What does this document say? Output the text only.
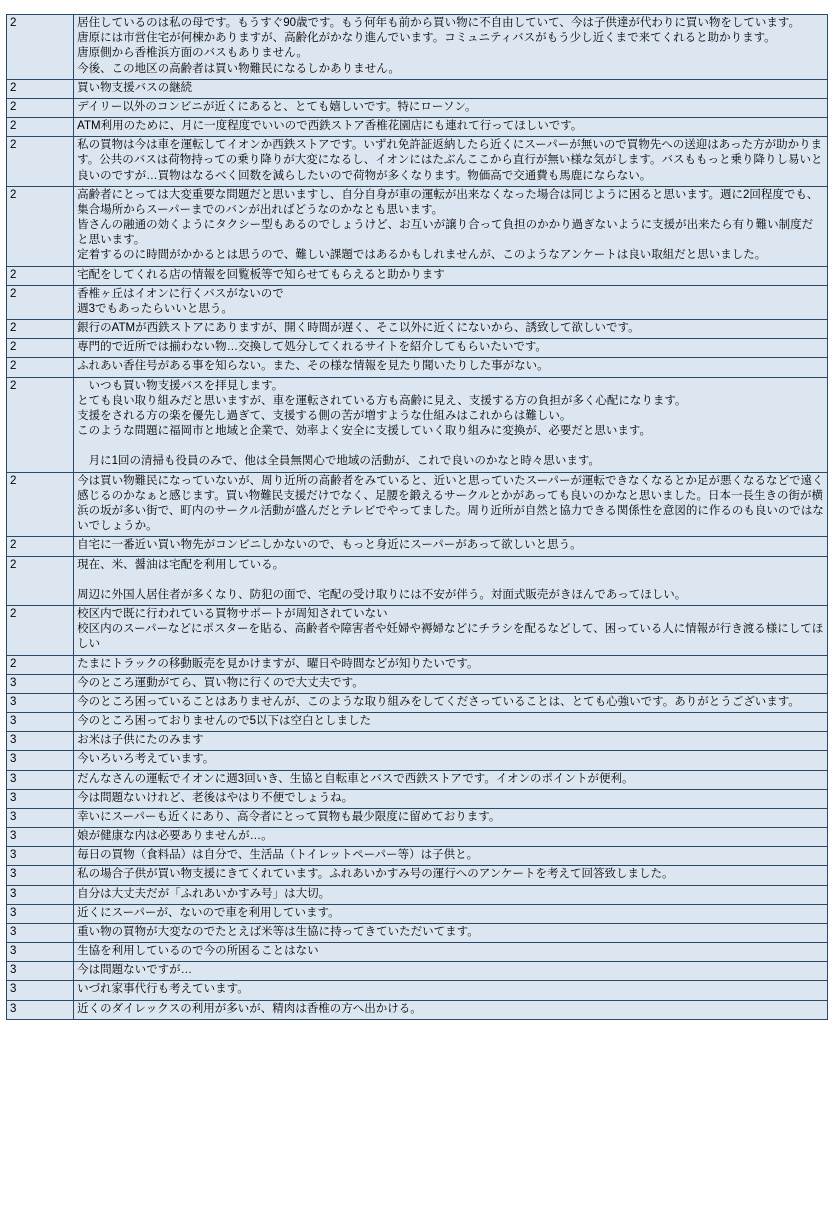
2	居住しているのは私の母です。もうすぐ90歳です。もう何年も前から買い物に不自由していて、今は子供達が代わりに買い物をしています。
唐原には市営住宅が何棟かありますが、高齢化がかなり進んでいます。コミュニティバスがもう少し近くまで来てくれると助かります。
唐原側から香椎浜方面のバスもありません。
今後、この地区の高齢者は買い物難民になるしかありません。

2	買い物支援バスの継続

2	デイリー以外のコンビニが近くにあると、とても嬉しいです。特にローソン。

2	ATM利用のために、月に一度程度でいいので西鉄ストア香椎花園店にも連れて行ってほしいです。

2	私の買物は今は車を運転してイオンか西鉄ストアです。いずれ免許証返納したら近くにスーパーが無いので買物先への送迎はあった方が助かります。公共のバスは荷物持っての乗り降りが大変になるし、イオンにはたぶんここから直行が無い様な気がします。バスももっと乗り降りし易いと良いのですが…買物はなるべく回数を減らしたいので荷物が多くなります。物価高で交通費も馬鹿にならない。

2	高齢者にとっては大変重要な問題だと思いますし、自分自身が車の運転が出来なくなった場合は同じように困ると思います。週に2回程度でも、集合場所からスーパーまでのバンが出ればどうなのかなとも思います。
皆さんの融通の効くようにタクシー型もあるのでしょうけど、お互いが譲り合って負担のかかり過ぎないように支援が出来たら有り難い制度だと思います。
定着するのに時間がかかるとは思うので、難しい課題ではあるかもしれませんが、このようなアンケートは良い取組だと思いました。

2	宅配をしてくれる店の情報を回覧板等で知らせてもらえると助かります

2	香椎ヶ丘はイオンに行くバスがないので
週3でもあったらいいと思う。

2	銀行のATMが西鉄ストアにありますが、開く時間が遅く、そこ以外に近くにないから、誘致して欲しいです。

2	専門的で近所では揃わない物…交換して処分してくれるサイトを紹介してもらいたいです。

2	ふれあい香住号がある事を知らない。また、その様な情報を見たり聞いたりした事がない。

2	　いつも買い物支援バスを拝見します。
とても良い取り組みだと思いますが、車を運転されている方も高齢に見え、支援する方の負担が多く心配になります。
支援をされる方の楽を優先し過ぎて、支援する側の苦が増すような仕組みはこれからは難しい。
このような問題に福岡市と地域と企業で、効率よく安全に支援していく取り組みに変換が、必要だと思います。
　月に1回の清掃も役員のみで、他は全員無関心で地域の活動が、これで良いのかなと時々思います。

2	今は買い物難民になっていないが、周り近所の高齢者をみていると、近いと思っていたスーパーが運転できなくなるとか足が悪くなるなどで遠く感じるのかなぁと感じます。買い物難民支援だけでなく、足腰を鍛えるサークルとかがあっても良いのかなと思いました。日本一長生きの街が横浜の坂が多い街で、町内のサークル活動が盛んだとテレビでやってました。周り近所が自然と協力できる関係性を意図的に作るのも良いのではないでしょうか。

2	自宅に一番近い買い物先がコンビニしかないので、もっと身近にスーパーがあって欲しいと思う。

2	現在、米、醤油は宅配を利用している。
周辺に外国人居住者が多くなり、防犯の面で、宅配の受け取りには不安が伴う。対面式販売がきほんであってほしい。

2	校区内で既に行われている買物サポートが周知されていない
校区内のスーパーなどにポスターを貼る、高齢者や障害者や妊婦や褥婦などにチラシを配るなどして、困っている人に情報が行き渡る様にしてほしい

2	たまにトラックの移動販売を見かけますが、曜日や時間などが知りたいです。

3	今のところ運動がてら、買い物に行くので大丈夫です。

3	今のところ困っていることはありませんが、このような取り組みをしてくださっていることは、とても心強いです。ありがとうございます。

3	今のところ困っておりませんので5以下は空白としました

3	お米は子供にたのみます

3	今いろいろ考えています。

3	だんなさんの運転でイオンに週3回いき、生協と自転車とバスで西鉄ストアです。イオンのポイントが便利。

3	今は問題ないけれど、老後はやはり不便でしょうね。

3	幸いにスーパーも近くにあり、高令者にとって買物も最少限度に留めております。

3	娘が健康な内は必要ありませんが…。

3	毎日の買物（食料品）は自分で、生活品（トイレットペーパー等）は子供と。

3	私の場合子供が買い物支援にきてくれています。ふれあいかすみ号の運行へのアンケートを考えて回答致しました。

3	自分は大丈夫だが「ふれあいかすみ号」は大切。

3	近くにスーパーが、ないので車を利用しています。

3	重い物の買物が大変なのでたとえば米等は生協に持ってきていただいてます。

3	生協を利用しているので今の所困ることはない

3	今は問題ないですが…

3	いづれ家事代行も考えています。

3	近くのダイレックスの利用が多いが、精肉は香椎の方へ出かける。
